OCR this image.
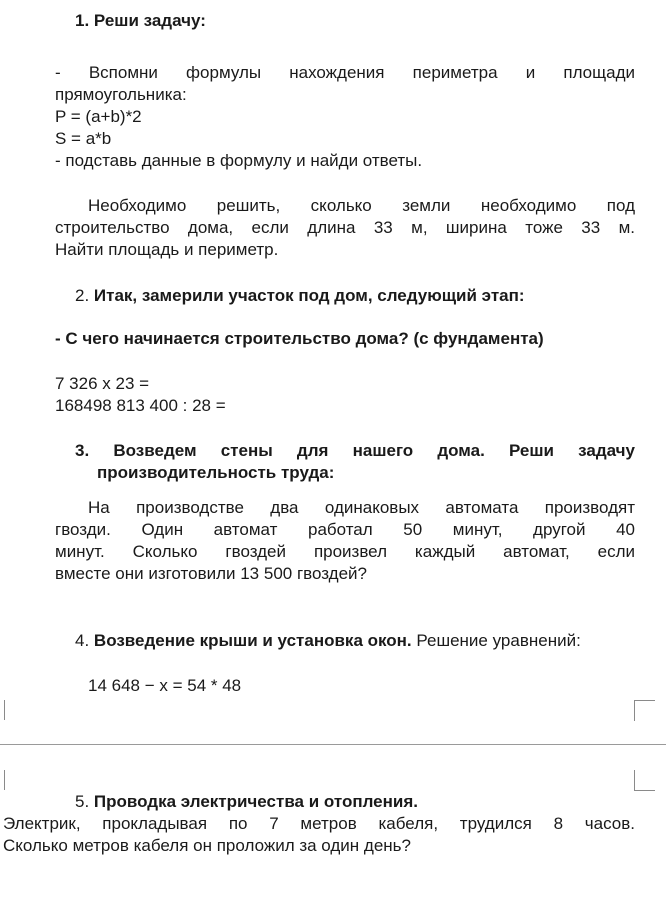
1. Реши задачу:
- Вспомни формулы нахождения периметра и площади
прямоугольника:
P = (a+b)*2
S = a*b
- подставь данные в формулу и найди ответы.
Необходимо решить, сколько земли необходимо под
строительство дома, если длина 33 м, ширина тоже 33 м.
Найти площадь и периметр.
2. Итак, замерили участок под дом, следующий этап:
- С чего начинается строительство дома? (с фундамента)
7 326 х 23 =
168498 813 400 : 28 =
3. Возведем стены для нашего дома. Реши задачу
производительность труда:
На производстве два одинаковых автомата производят
гвозди. Один автомат работал 50 минут, другой 40
минут. Сколько гвоздей произвел каждый автомат, если
вместе они изготовили 13 500 гвоздей?
4. Возведение крыши и установка окон. Решение уравнений:
14 648 − х = 54 * 48
5. Проводка электричества и отопления.
Электрик, прокладывая по 7 метров кабеля, трудился 8 часов.
Сколько метров кабеля он проложил за один день?
